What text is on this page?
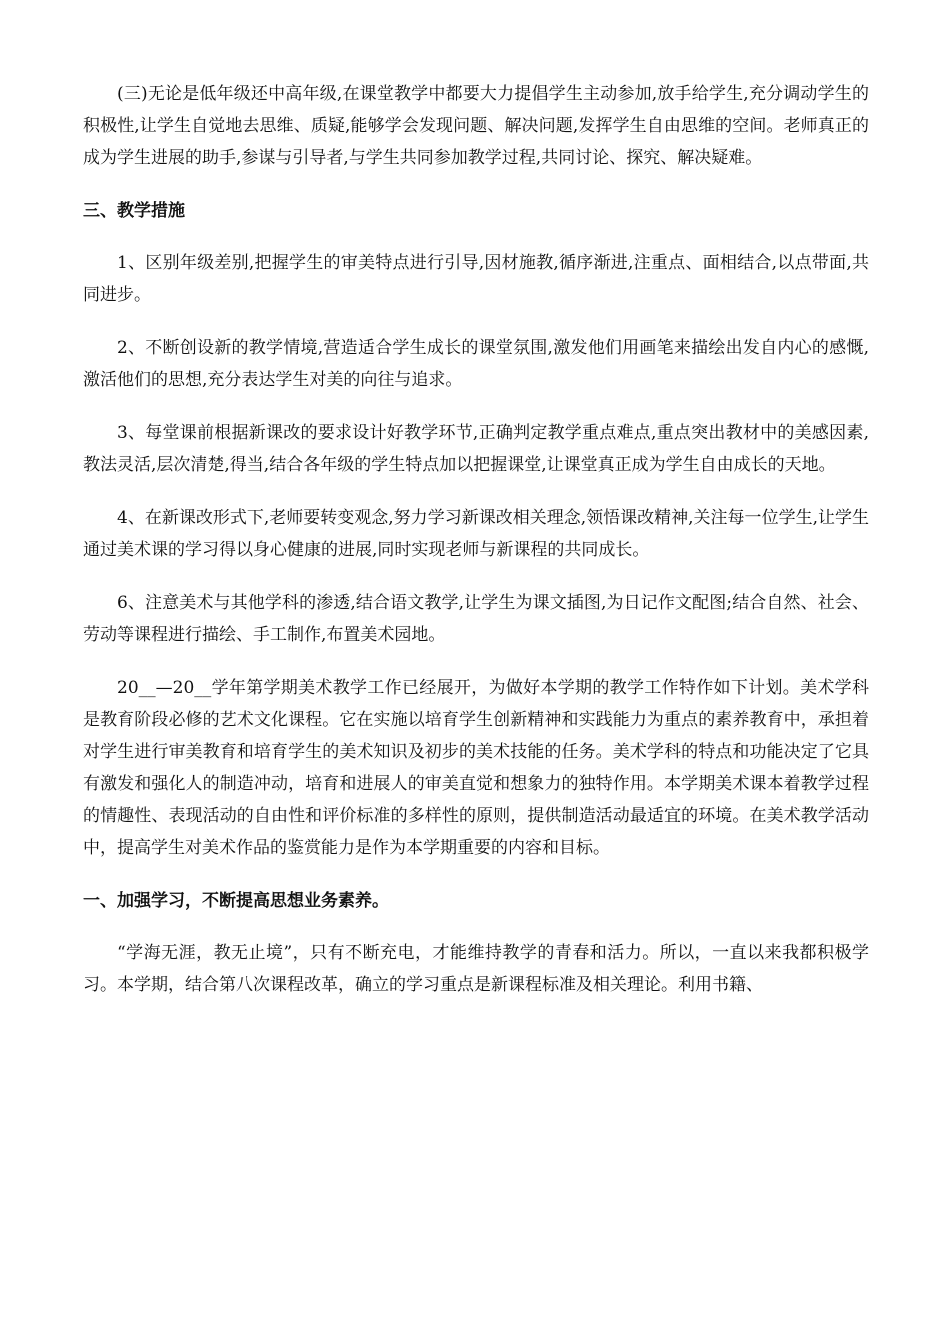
(三)无论是低年级还中高年级,在课堂教学中都要大力提倡学生主动参加,放手给学生,充分调动学生的积极性,让学生自觉地去思维、质疑,能够学会发现问题、解决问题,发挥学生自由思维的空间。老师真正的成为学生进展的助手,参谋与引导者,与学生共同参加教学过程,共同讨论、探究、解决疑难。

三、教学措施

1、区别年级差别,把握学生的审美特点进行引导,因材施教,循序渐进,注重点、面相结合,以点带面,共同进步。

2、不断创设新的教学情境,营造适合学生成长的课堂氛围,激发他们用画笔来描绘出发自内心的感慨,激活他们的思想,充分表达学生对美的向往与追求。

3、每堂课前根据新课改的要求设计好教学环节,正确判定教学重点难点,重点突出教材中的美感因素,教法灵活,层次清楚,得当,结合各年级的学生特点加以把握课堂,让课堂真正成为学生自由成长的天地。

4、在新课改形式下,老师要转变观念,努力学习新课改相关理念,领悟课改精神,关注每一位学生,让学生通过美术课的学习得以身心健康的进展,同时实现老师与新课程的共同成长。

6、注意美术与其他学科的渗透,结合语文教学,让学生为课文插图,为日记作文配图;结合自然、社会、劳动等课程进行描绘、手工制作,布置美术园地。

20__—20__学年第学期美术教学工作已经展开，为做好本学期的教学工作特作如下计划。美术学科是教育阶段必修的艺术文化课程。它在实施以培育学生创新精神和实践能力为重点的素养教育中，承担着对学生进行审美教育和培育学生的美术知识及初步的美术技能的任务。美术学科的特点和功能决定了它具有激发和强化人的制造冲动，培育和进展人的审美直觉和想象力的独特作用。本学期美术课本着教学过程的情趣性、表现活动的自由性和评价标准的多样性的原则，提供制造活动最适宜的环境。在美术教学活动中，提高学生对美术作品的鉴赏能力是作为本学期重要的内容和目标。

一、加强学习，不断提高思想业务素养。

“学海无涯，教无止境”，只有不断充电，才能维持教学的青春和活力。所以，一直以来我都积极学习。本学期，结合第八次课程改革，确立的学习重点是新课程标准及相关理论。利用书籍、
